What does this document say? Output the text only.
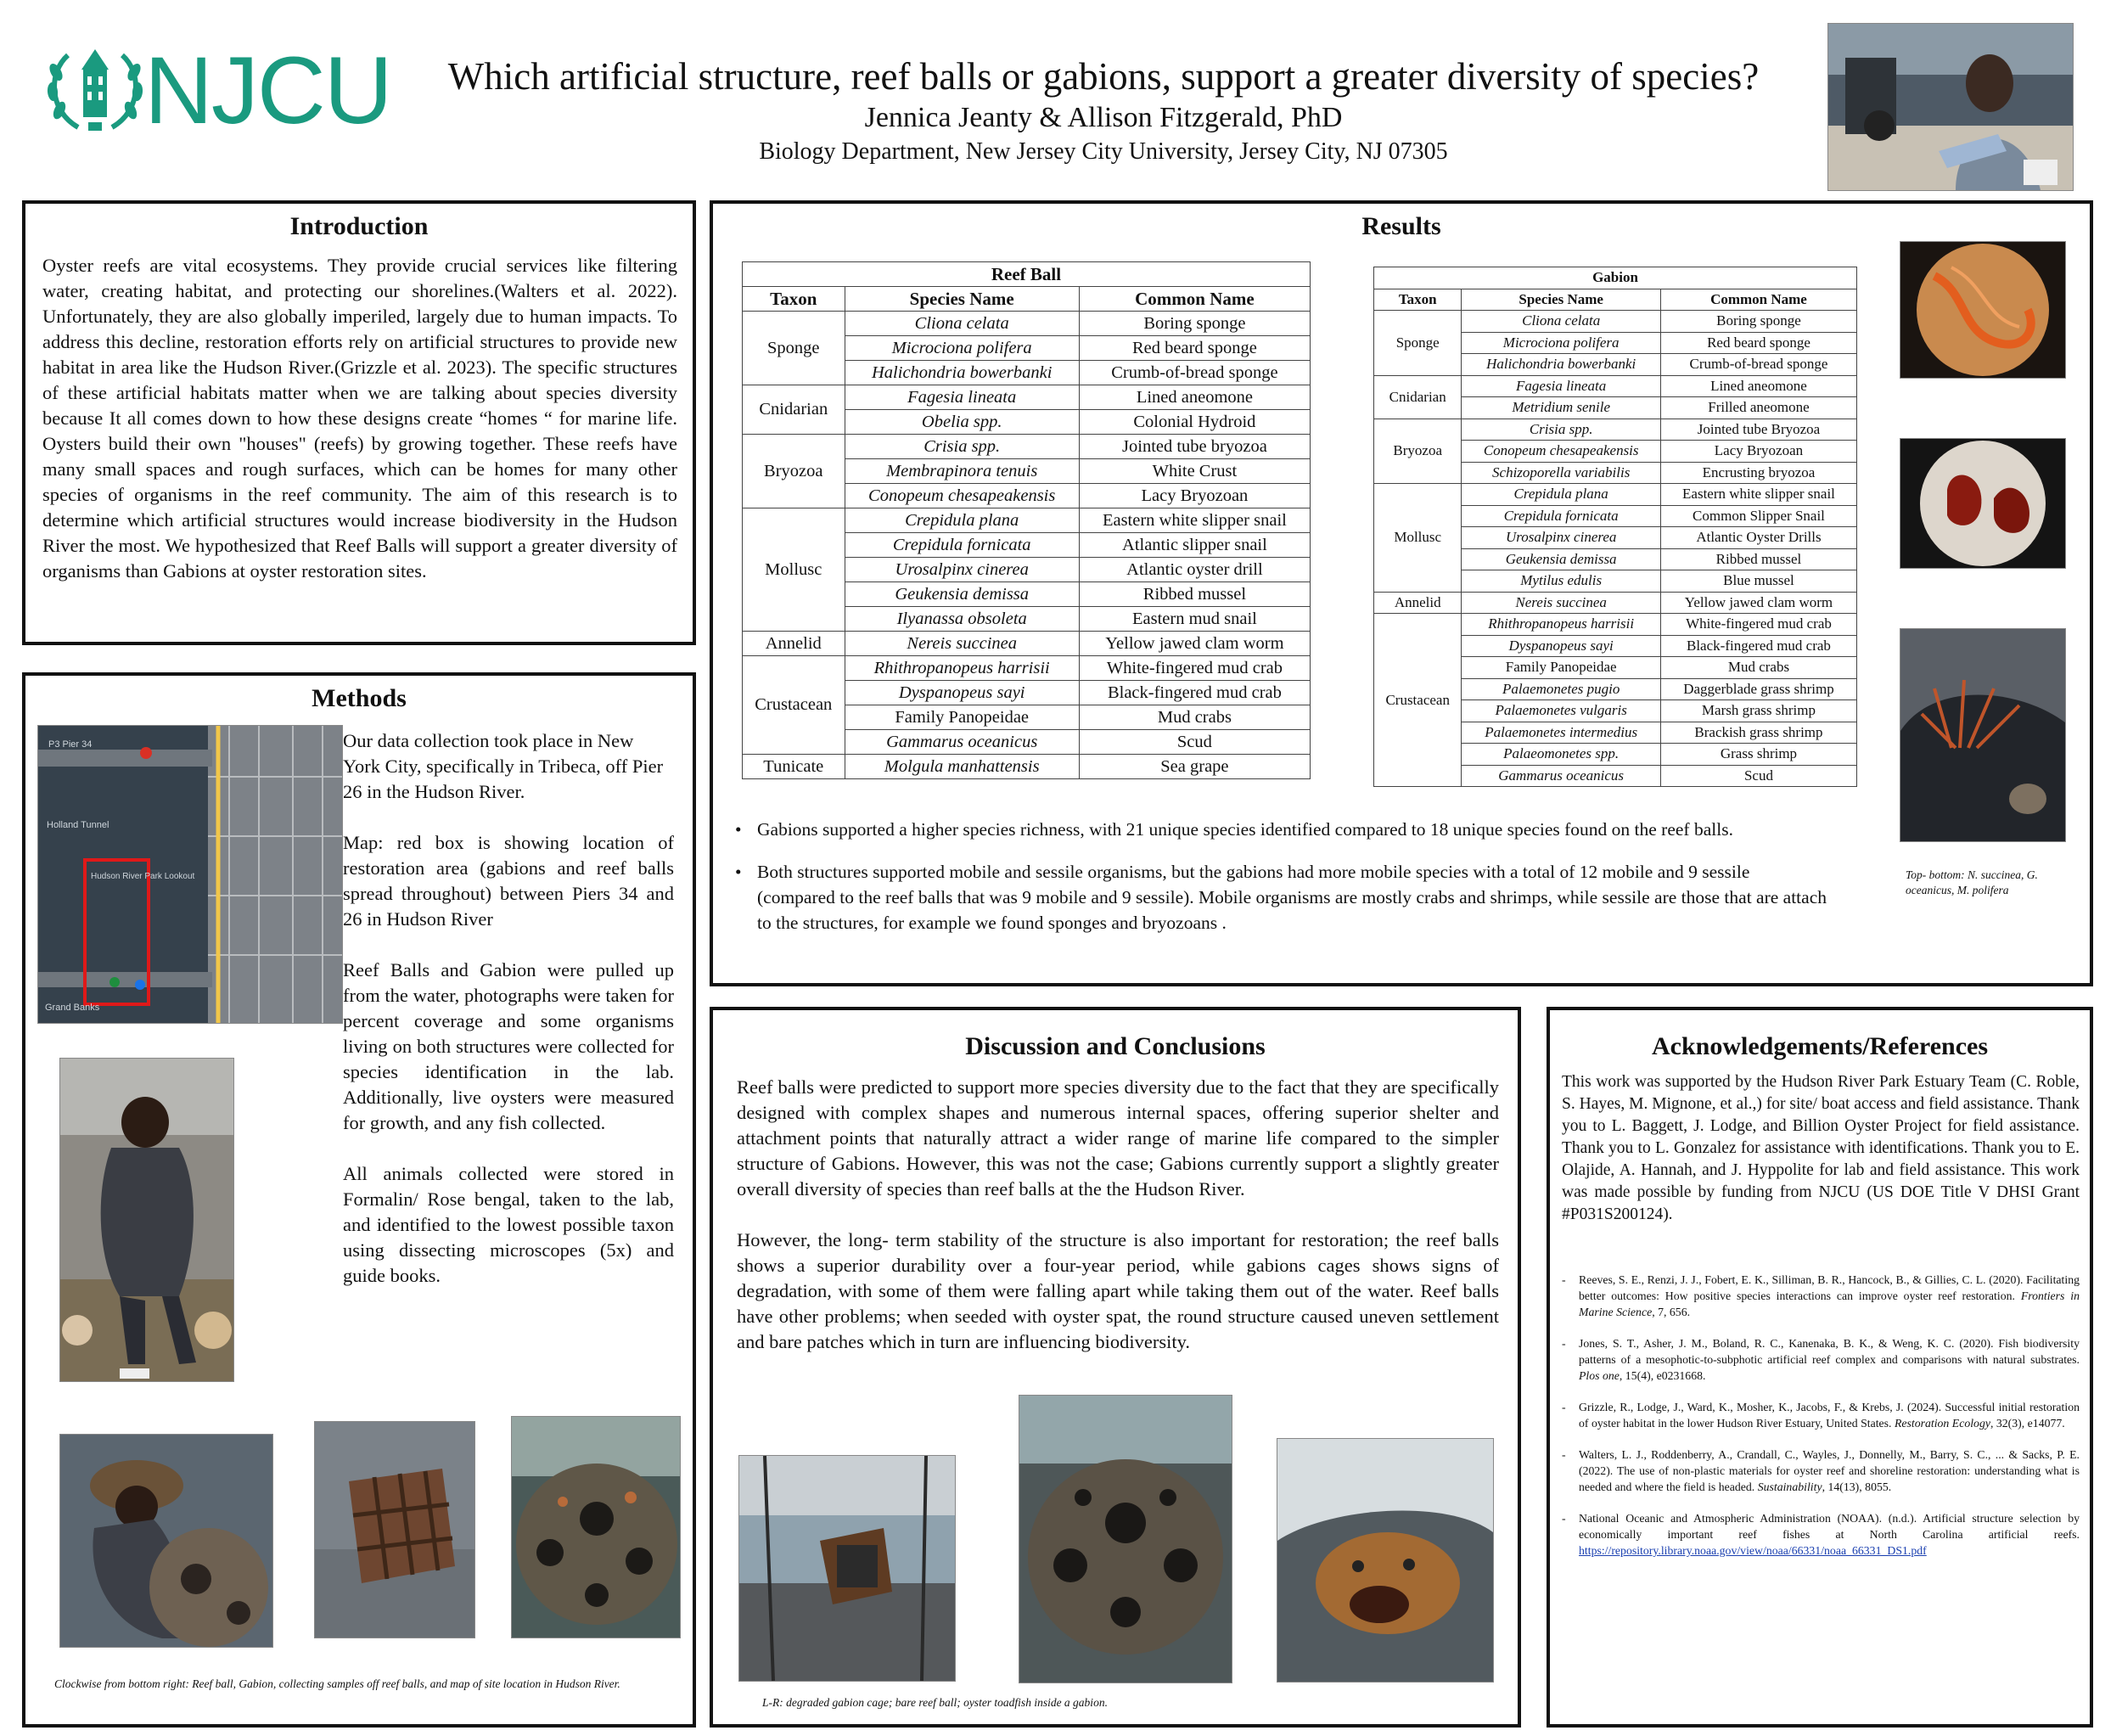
NJCU	Which artificial structure, reef balls or gabions, support a greater diversity of species?
Jennica Jeanty & Allison Fitzgerald, PhD
Biology Department, New Jersey City University, Jersey City, NJ 07305
Introduction
Oyster reefs are vital ecosystems. They provide crucial services like filtering water, creating habitat, and protecting our shorelines.(Walters et al. 2022). Unfortunately, they are also globally imperiled, largely due to human impacts. To address this decline, restoration efforts rely on artificial structures to provide new habitat in area like the Hudson River.(Grizzle et al. 2023). The specific structures of these artificial habitats matter when we are talking about species diversity because It all comes down to how these designs create “homes “ for marine life. Oysters build their own "houses" (reefs) by growing together. These reefs have many small spaces and rough surfaces, which can be homes for many other species of organisms in the reef community. The aim of this research is to determine which artificial structures would increase biodiversity in the Hudson River the most. We hypothesized that Reef Balls will support a greater diversity of organisms than Gabions at oyster restoration sites.
Methods
P3 Pier 34
Holland Tunnel
Hudson River Park Lookout
Grand Banks
Our data collection took place in New York City, specifically in Tribeca, off Pier 26 in the Hudson River.
Map: red box is showing location of restoration area (gabions and reef balls spread throughout) between Piers 34 and 26 in Hudson River
Reef Balls and Gabion were pulled up from the water, photographs were taken for percent coverage and some organisms living on both structures were collected for species identification in the lab. Additionally, live oysters were measured for growth, and any fish collected.
All animals collected were stored in Formalin/ Rose bengal, taken to the lab, and identified to the lowest possible taxon using dissecting microscopes (5x) and guide books.
Clockwise from bottom right: Reef ball, Gabion, collecting samples off reef balls, and map of site location in Hudson River.
Results
Reef Ball		
Taxon	Species Name	Common Name
Sponge	Cliona celata	Boring sponge
	Microciona polifera	Red beard sponge
	Halichondria bowerbanki	Crumb-of-bread sponge
Cnidarian	Fagesia lineata	Lined aneomone
	Obelia spp.	Colonial Hydroid
Bryozoa	Crisia spp.	Jointed tube bryozoa
	Membrapinora tenuis	White Crust
	Conopeum chesapeakensis	Lacy Bryozoan
Mollusc	Crepidula plana	Eastern white slipper snail
	Crepidula fornicata	Atlantic slipper snail
	Urosalpinx cinerea	Atlantic oyster drill
	Geukensia demissa	Ribbed mussel
	Ilyanassa obsoleta	Eastern mud snail
Annelid	Nereis succinea	Yellow jawed clam worm
Crustacean	Rhithropanopeus harrisii	White-fingered mud crab
	Dyspanopeus sayi	Black-fingered mud crab
	Family Panopeidae	Mud crabs
	Gammarus oceanicus	Scud
Tunicate	Molgula manhattensis	Sea grape
Gabion		
Taxon	Species Name	Common Name
Sponge	Cliona celata	Boring sponge
	Microciona polifera	Red beard sponge
	Halichondria bowerbanki	Crumb-of-bread sponge
Cnidarian	Fagesia lineata	Lined aneomone
	Metridium senile	Frilled aneomone
Bryozoa	Crisia spp.	Jointed tube Bryozoa
	Conopeum chesapeakensis	Lacy Bryozoan
	Schizoporella variabilis	Encrusting bryozoa
Mollusc	Crepidula plana	Eastern white slipper snail
	Crepidula fornicata	Common Slipper Snail
	Urosalpinx cinerea	Atlantic Oyster Drills
	Geukensia demissa	Ribbed mussel
	Mytilus edulis	Blue mussel
Annelid	Nereis succinea	Yellow jawed clam worm
Crustacean	Rhithropanopeus harrisii	White-fingered mud crab
	Dyspanopeus sayi	Black-fingered mud crab
	Family Panopeidae	Mud crabs
	Palaemonetes pugio	Daggerblade grass shrimp
	Palaemonetes vulgaris	Marsh grass shrimp
	Palaemonetes intermedius	Brackish grass shrimp
	Palaeomonetes spp.	Grass shrimp
	Gammarus oceanicus	Scud
• Gabions supported a higher species richness, with 21 unique species identified compared to 18 unique species found on the reef balls.
• Both structures supported mobile and sessile organisms, but the gabions had more mobile species with a total of 12 mobile and 9 sessile (compared to the reef balls that was 9 mobile and 9 sessile). Mobile organisms are mostly crabs and shrimps, while sessile are those that are attach to the structures, for example we found sponges and bryozoans .
Top- bottom: N. succinea, G. oceanicus, M. polifera
Discussion and Conclusions
Reef balls were predicted to support more species diversity due to the fact that they are specifically designed with complex shapes and numerous internal spaces, offering superior shelter and attachment points that naturally attract a wider range of marine life compared to the simpler structure of Gabions. However, this was not the case; Gabions currently support a slightly greater overall diversity of species than reef balls at the the Hudson River.
However, the long- term stability of the structure is also important for restoration; the reef balls shows a superior durability over a four-year period, while gabions cages shows signs of degradation, with some of them were falling apart while taking them out of the water. Reef balls have other problems; when seeded with oyster spat, the round structure caused uneven settlement and bare patches which in turn are influencing biodiversity.
L-R: degraded gabion cage; bare reef ball; oyster toadfish inside a gabion.
Acknowledgements/References
This work was supported by the Hudson River Park Estuary Team (C. Roble, S. Hayes, M. Mignone, et al.,) for site/ boat access and field assistance. Thank you to L. Baggett, J. Lodge, and Billion Oyster Project for field assistance. Thank you to L. Gonzalez for assistance with identifications. Thank you to E. Olajide, A. Hannah, and J. Hyppolite for lab and field assistance. This work was made possible by funding from NJCU (US DOE Title V DHSI Grant #P031S200124).
- Reeves, S. E., Renzi, J. J., Fobert, E. K., Silliman, B. R., Hancock, B., & Gillies, C. L. (2020). Facilitating better outcomes: How positive species interactions can improve oyster reef restoration. Frontiers in Marine Science, 7, 656.
- Jones, S. T., Asher, J. M., Boland, R. C., Kanenaka, B. K., & Weng, K. C. (2020). Fish biodiversity patterns of a mesophotic-to-subphotic artificial reef complex and comparisons with natural substrates. Plos one, 15(4), e0231668.
- Grizzle, R., Lodge, J., Ward, K., Mosher, K., Jacobs, F., & Krebs, J. (2024). Successful initial restoration of oyster habitat in the lower Hudson River Estuary, United States. Restoration Ecology, 32(3), e14077.
- Walters, L. J., Roddenberry, A., Crandall, C., Wayles, J., Donnelly, M., Barry, S. C., ... & Sacks, P. E. (2022). The use of non-plastic materials for oyster reef and shoreline restoration: understanding what is needed and where the field is headed. Sustainability, 14(13), 8055.
- National Oceanic and Atmospheric Administration (NOAA). (n.d.). Artificial structure selection by economically important reef fishes at North Carolina artificial reefs. https://repository.library.noaa.gov/view/noaa/66331/noaa_66331_DS1.pdf
